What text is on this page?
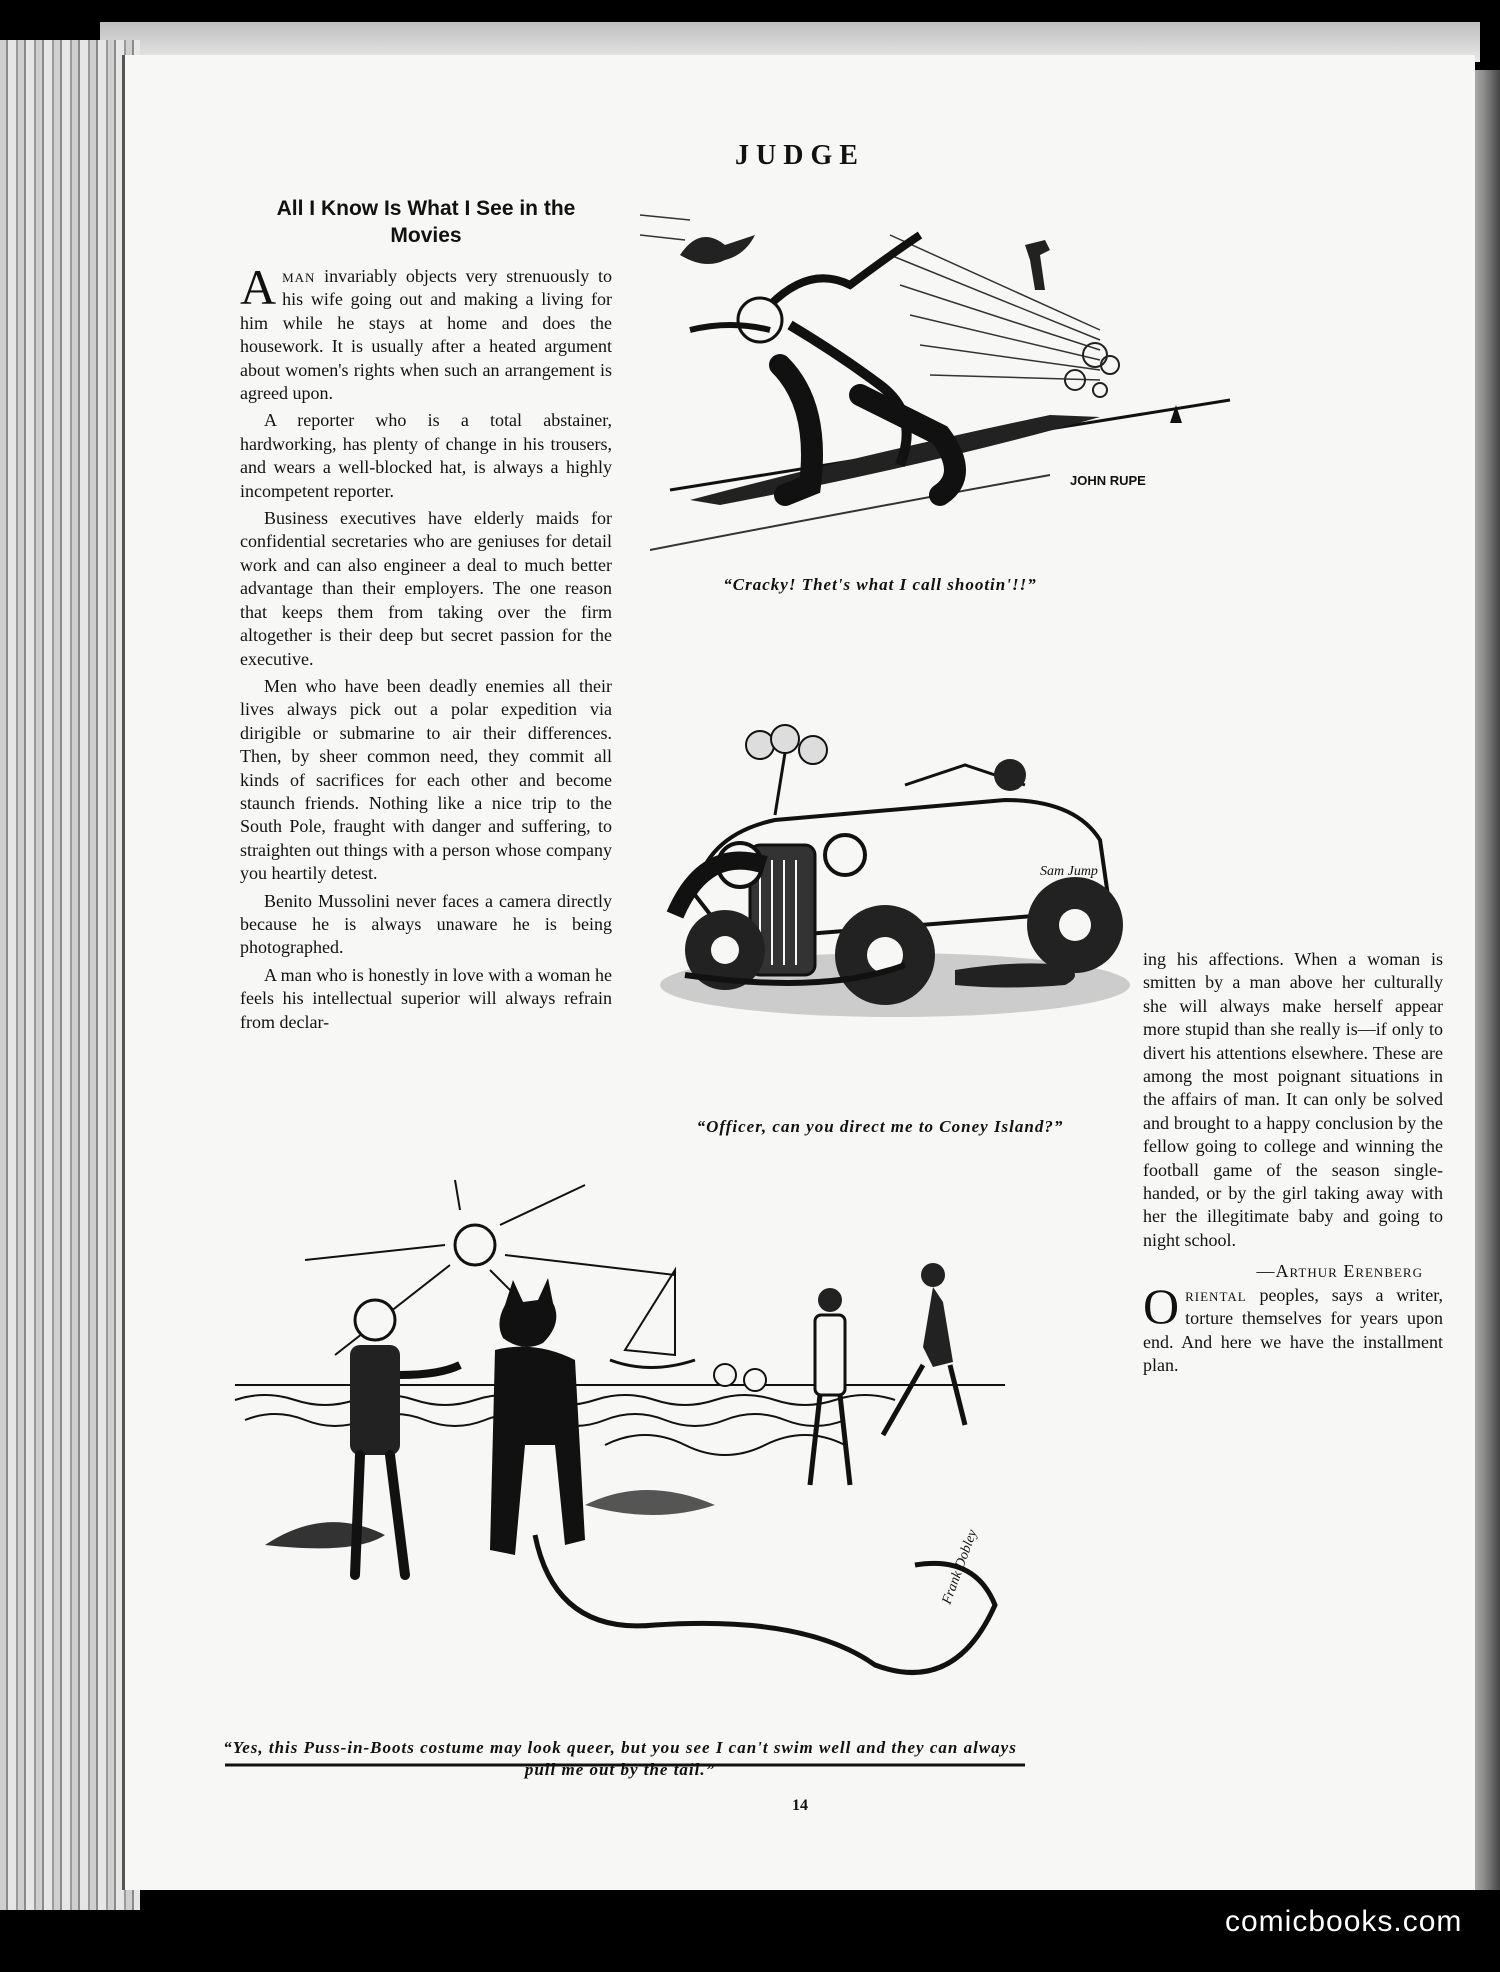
JUDGE
All I Know Is What I See in the Movies

Aman invariably objects very strenuously to his wife going out and making a living for him while he stays at home and does the housework. It is usually after a heated argument about women's rights when such an arrangement is agreed upon.

A reporter who is a total abstainer, hardworking, has plenty of change in his trousers, and wears a well-blocked hat, is always a highly incompetent reporter.

Business executives have elderly maids for confidential secretaries who are geniuses for detail work and can also engineer a deal to much better advantage than their employers. The one reason that keeps them from taking over the firm altogether is their deep but secret passion for the executive.

Men who have been deadly enemies all their lives always pick out a polar expedition via dirigible or submarine to air their differences. Then, by sheer common need, they commit all kinds of sacrifices for each other and become staunch friends. Nothing like a nice trip to the South Pole, fraught with danger and suffering, to straighten out things with a person whose company you heartily detest.

Benito Mussolini never faces a camera directly because he is always unaware he is being photographed.

A man who is honestly in love with a woman he feels his intellectual superior will always refrain from declar-

JOHN RUPE
“Cracky! Thet's what I call shootin'!!”
Sam Jump
“Officer, can you direct me to Coney Island?”
Frank Dobley
“Yes, this Puss-in-Boots costume may look queer, but you see I can't swim well and they can always pull me out by the tail.”

ing his affections. When a woman is smitten by a man above her culturally she will always make herself appear more stupid than she really is—if only to divert his attentions elsewhere. These are among the most poignant situations in the affairs of man. It can only be solved and brought to a happy conclusion by the fellow going to college and winning the football game of the season single-handed, or by the girl taking away with her the illegitimate baby and going to night school.

—Arthur Erenberg

Oriental peoples, says a writer, torture themselves for years upon end. And here we have the installment plan.

14
comicbooks.com
